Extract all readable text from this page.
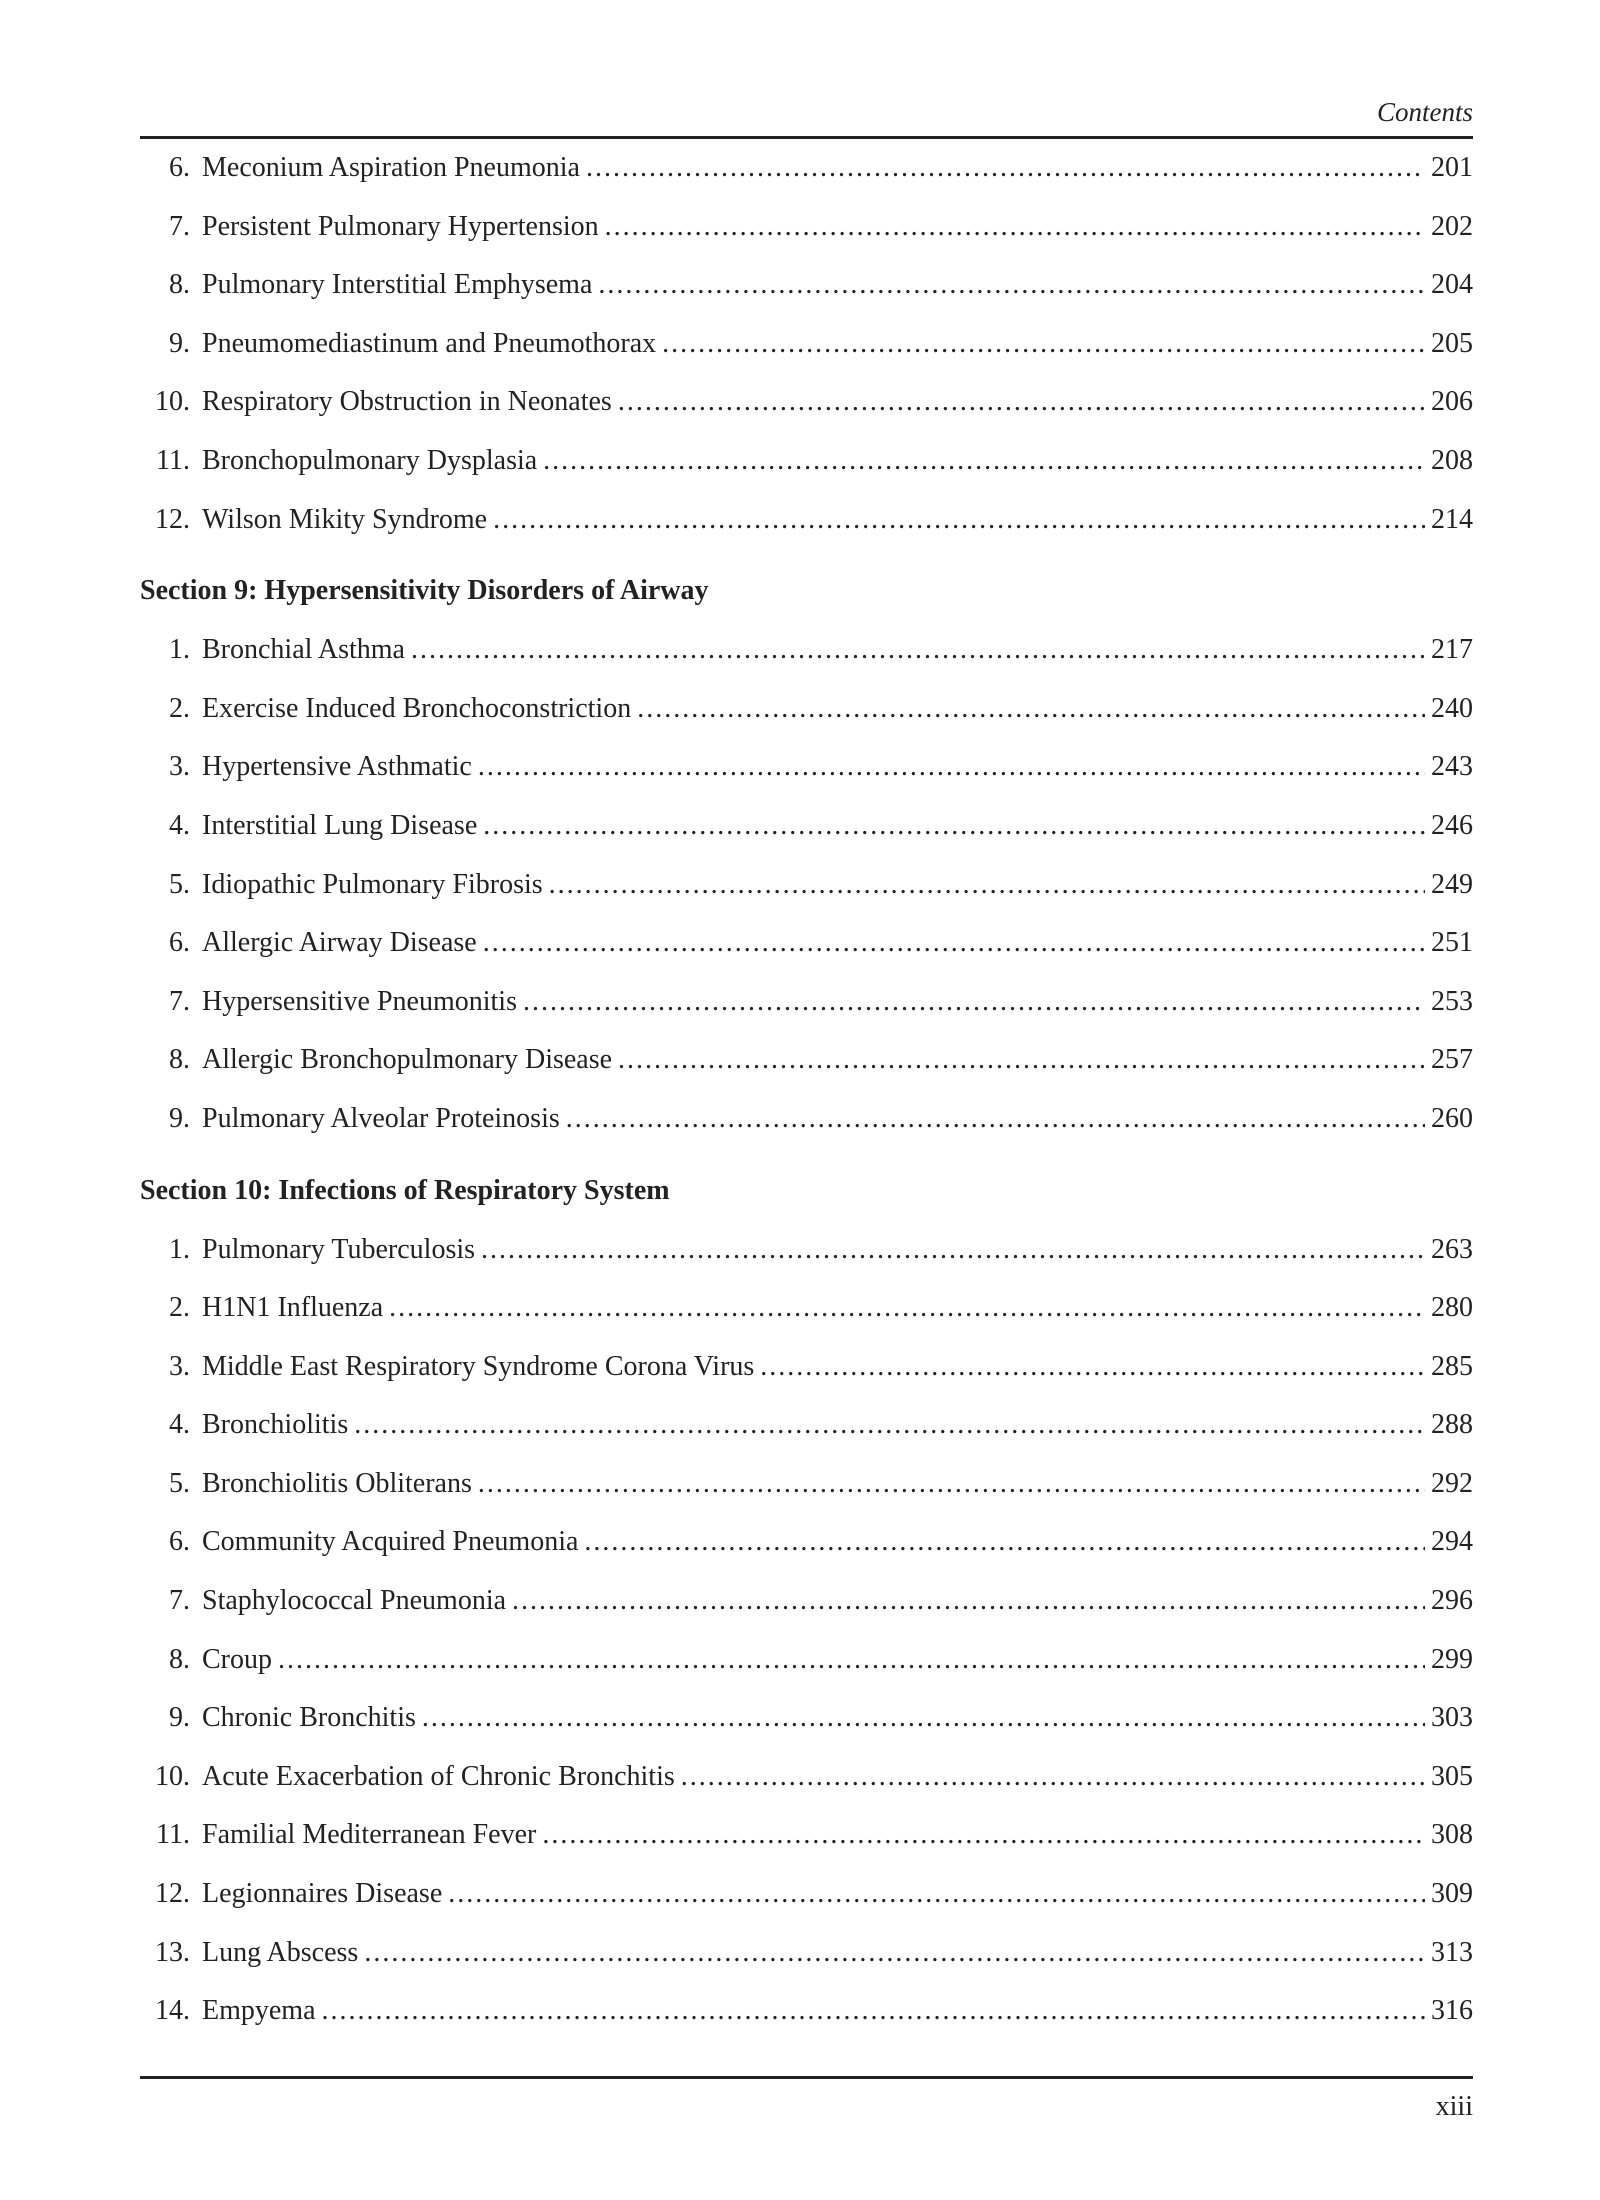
Contents
6. Meconium Aspiration Pneumonia .....	201
7. Persistent Pulmonary Hypertension .....	202
8. Pulmonary Interstitial Emphysema .....	204
9. Pneumomediastinum and Pneumothorax .....	205
10. Respiratory Obstruction in Neonates .....	206
11. Bronchopulmonary Dysplasia .....	208
12. Wilson Mikity Syndrome .....	214
Section 9: Hypersensitivity Disorders of Airway
1. Bronchial Asthma .....	217
2. Exercise Induced Bronchoconstriction .....	240
3. Hypertensive Asthmatic .....	243
4. Interstitial Lung Disease .....	246
5. Idiopathic Pulmonary Fibrosis .....	249
6. Allergic Airway Disease .....	251
7. Hypersensitive Pneumonitis .....	253
8. Allergic Bronchopulmonary Disease .....	257
9. Pulmonary Alveolar Proteinosis .....	260
Section 10: Infections of Respiratory System
1. Pulmonary Tuberculosis .....	263
2. H1N1 Influenza .....	280
3. Middle East Respiratory Syndrome Corona Virus .....	285
4. Bronchiolitis .....	288
5. Bronchiolitis Obliterans .....	292
6. Community Acquired Pneumonia .....	294
7. Staphylococcal Pneumonia .....	296
8. Croup .....	299
9. Chronic Bronchitis .....	303
10. Acute Exacerbation of Chronic Bronchitis .....	305
11. Familial Mediterranean Fever .....	308
12. Legionnaires Disease .....	309
13. Lung Abscess .....	313
14. Empyema .....	316
xiii
